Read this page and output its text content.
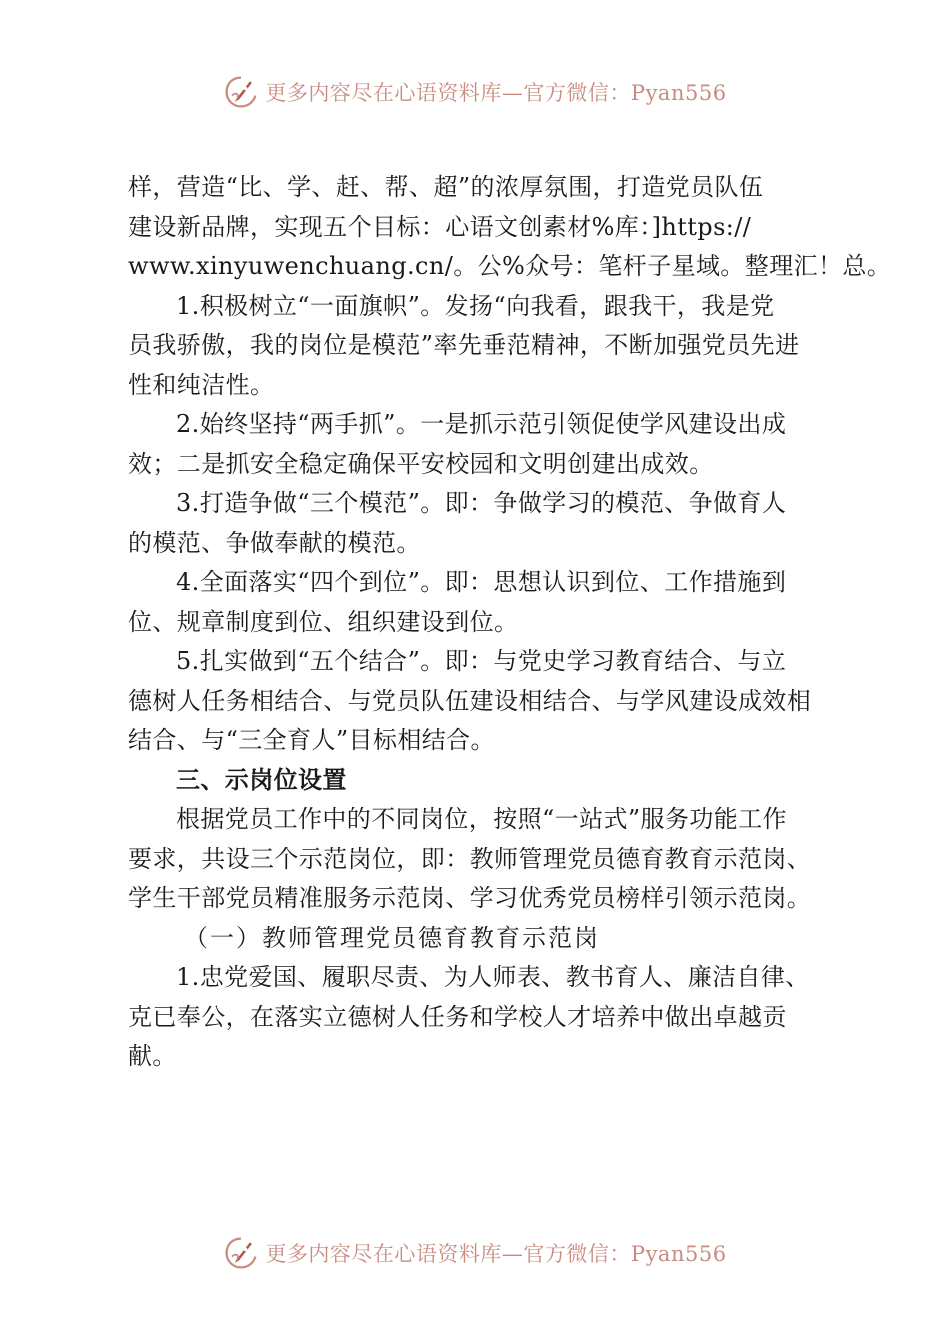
更多内容尽在心语资料库—官方微信：Pyan556
样，营造“比、学、赶、帮、超”的浓厚氛围，打造党员队伍
建设新品牌，实现五个目标：心语文创素材%库：]https://
www.xinyuwenchuang.cn/。公%众号：笔杆子星域。整理汇！总。
1.积极树立“一面旗帜”。发扬“向我看，跟我干，我是党
员我骄傲，我的岗位是模范”率先垂范精神，不断加强党员先进
性和纯洁性。
2.始终坚持“两手抓”。一是抓示范引领促使学风建设出成
效；二是抓安全稳定确保平安校园和文明创建出成效。
3.打造争做“三个模范”。即：争做学习的模范、争做育人
的模范、争做奉献的模范。
4.全面落实“四个到位”。即：思想认识到位、工作措施到
位、规章制度到位、组织建设到位。
5.扎实做到“五个结合”。即：与党史学习教育结合、与立
德树人任务相结合、与党员队伍建设相结合、与学风建设成效相
结合、与“三全育人”目标相结合。
三、示岗位设置
根据党员工作中的不同岗位，按照“一站式”服务功能工作
要求，共设三个示范岗位，即：教师管理党员德育教育示范岗、
学生干部党员精准服务示范岗、学习优秀党员榜样引领示范岗。
（一）教师管理党员德育教育示范岗
1.忠党爱国、履职尽责、为人师表、教书育人、廉洁自律、
克已奉公，在落实立德树人任务和学校人才培养中做出卓越贡
献。
更多内容尽在心语资料库—官方微信：Pyan556
